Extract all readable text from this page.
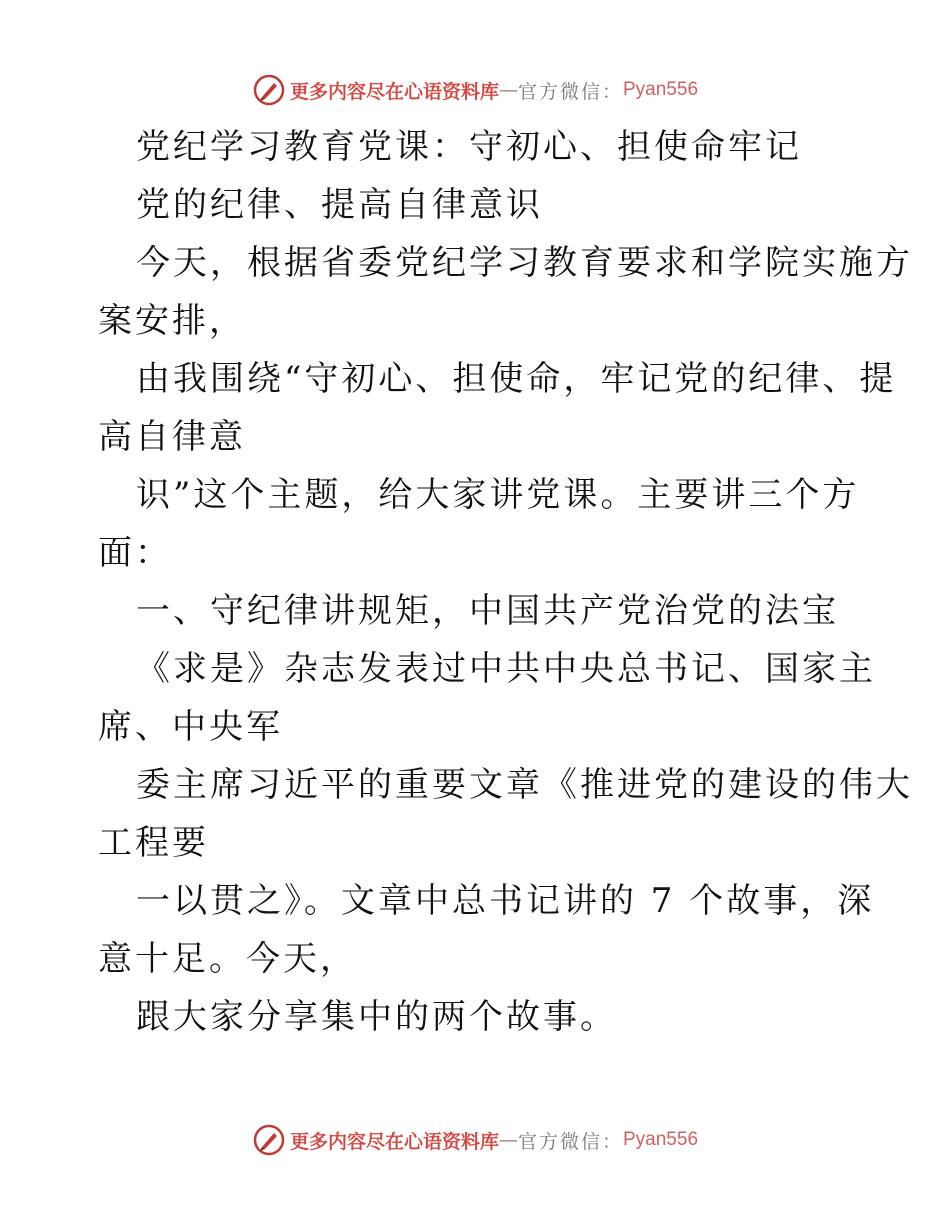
更多内容尽在心语资料库 — 官方微信： Pyan556
党纪学习教育党课：守初心、担使命牢记
党的纪律、提高自律意识
今天，根据省委党纪学习教育要求和学院实施方
案安排，
由我围绕“守初心、担使命，牢记党的纪律、提
高自律意
识”这个主题，给大家讲党课。主要讲三个方
面：
一、守纪律讲规矩，中国共产党治党的法宝
《求是》杂志发表过中共中央总书记、国家主
席、中央军
委主席习近平的重要文章《推进党的建设的伟大
工程要
一以贯之》。文章中总书记讲的 7 个故事，深
意十足。今天，
跟大家分享集中的两个故事。
更多内容尽在心语资料库 — 官方微信： Pyan556
